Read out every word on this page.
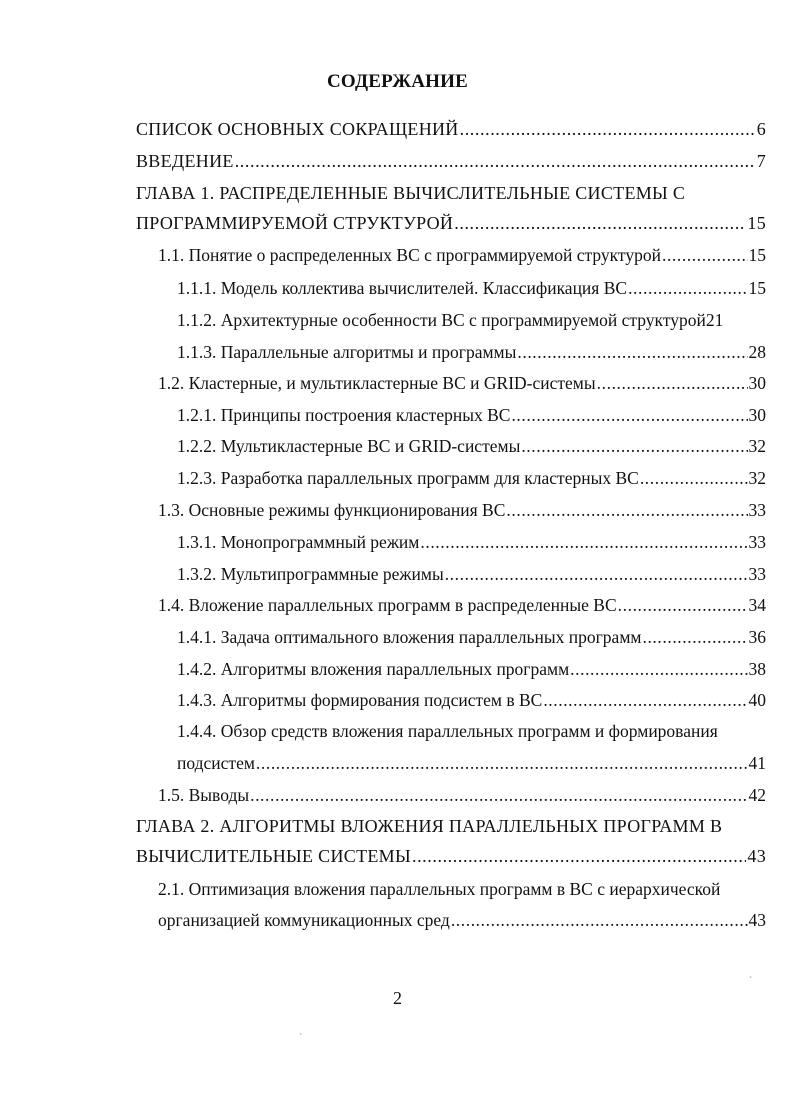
СОДЕРЖАНИЕ
СПИСОК ОСНОВНЫХ СОКРАЩЕНИЙ .....	6
ВВЕДЕНИЕ .....	7
ГЛАВА 1. РАСПРЕДЕЛЕННЫЕ ВЫЧИСЛИТЕЛЬНЫЕ СИСТЕМЫ С
ПРОГРАММИРУЕМОЙ СТРУКТУРОЙ .....	15
1.1. Понятие о распределенных ВС с программируемой структурой .....	15
1.1.1. Модель коллектива вычислителей. Классификация ВС .....	15
1.1.2. Архитектурные особенности ВС с программируемой структурой 21
1.1.3. Параллельные алгоритмы и программы .....	28
1.2. Кластерные, и мультикластерные ВС и GRID-системы .....	30
1.2.1. Принципы построения кластерных ВС .....	30
1.2.2. Мультикластерные ВС и GRID-системы .....	32
1.2.3. Разработка параллельных программ для кластерных ВС .....	32
1.3. Основные режимы функционирования ВС .....	33
1.3.1. Монопрограммный режим .....	33
1.3.2. Мультипрограммные режимы .....	33
1.4. Вложение параллельных программ в распределенные ВС .....	34
1.4.1. Задача оптимального вложения параллельных программ .....	36
1.4.2. Алгоритмы вложения параллельных программ .....	38
1.4.3. Алгоритмы формирования подсистем в ВС .....	40
1.4.4. Обзор средств вложения параллельных программ и формирования
подсистем .....	41
1.5. Выводы .....	42
ГЛАВА 2. АЛГОРИТМЫ ВЛОЖЕНИЯ ПАРАЛЛЕЛЬНЫХ ПРОГРАММ В
ВЫЧИСЛИТЕЛЬНЫЕ СИСТЕМЫ .....	43
2.1. Оптимизация вложения параллельных программ в ВС с иерархической
организацией коммуникационных сред .....	43
`
`
2
